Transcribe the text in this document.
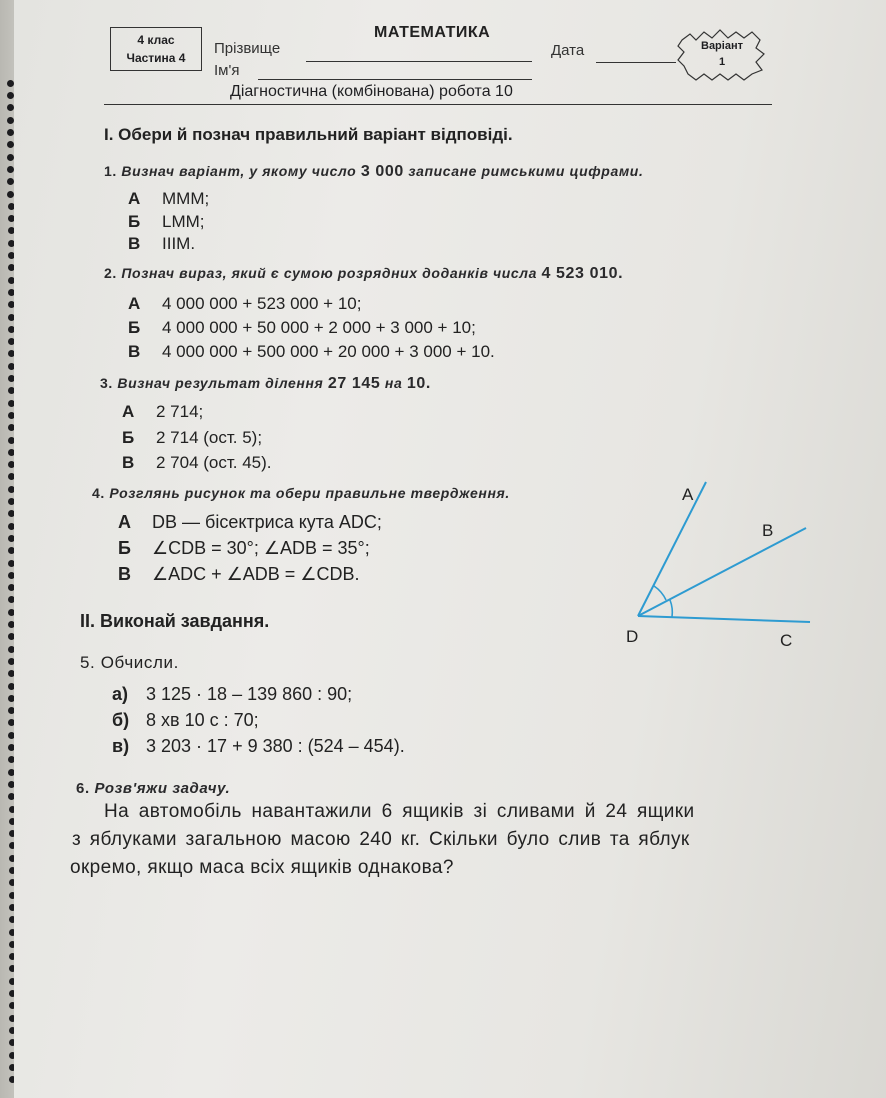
4 клас
Частина 4
МАТЕМАТИКА
Прізвище
Ім'я
Дата	Варіант
1
Діагностична (комбінована) робота 10
I. Обери й познач правильний варіант відповіді.
1. Визнач варіант, у якому число 3 000 записане римськими цифрами.
А MMM;
Б LMM;
В IIIM.
2. Познач вираз, який є сумою розрядних доданків числа 4 523 010.
А 4 000 000 + 523 000 + 10;
Б 4 000 000 + 50 000 + 2 000 + 3 000 + 10;
В 4 000 000 + 500 000 + 20 000 + 3 000 + 10.
3. Визнач результат ділення 27 145 на 10.
А 2 714;
Б 2 714 (ост. 5);
В 2 704 (ост. 45).
4. Розглянь рисунок та обери правильне твердження.
А DB — бісектриса кута ADC;
Б ∠CDB = 30°; ∠ADB = 35°;
В ∠ADC + ∠ADB = ∠CDB.
A
B
C
D
II. Виконай завдання.
5. Обчисли.
а) 3 125 · 18 – 139 860 : 90;
б) 8 хв 10 с : 70;
в) 3 203 · 17 + 9 380 : (524 – 454).
6. Розв'яжи задачу.
На автомобіль навантажили 6 ящиків зі сливами й 24 ящики
з яблуками загальною масою 240 кг. Скільки було слив та яблук
окремо, якщо маса всіх ящиків однакова?
